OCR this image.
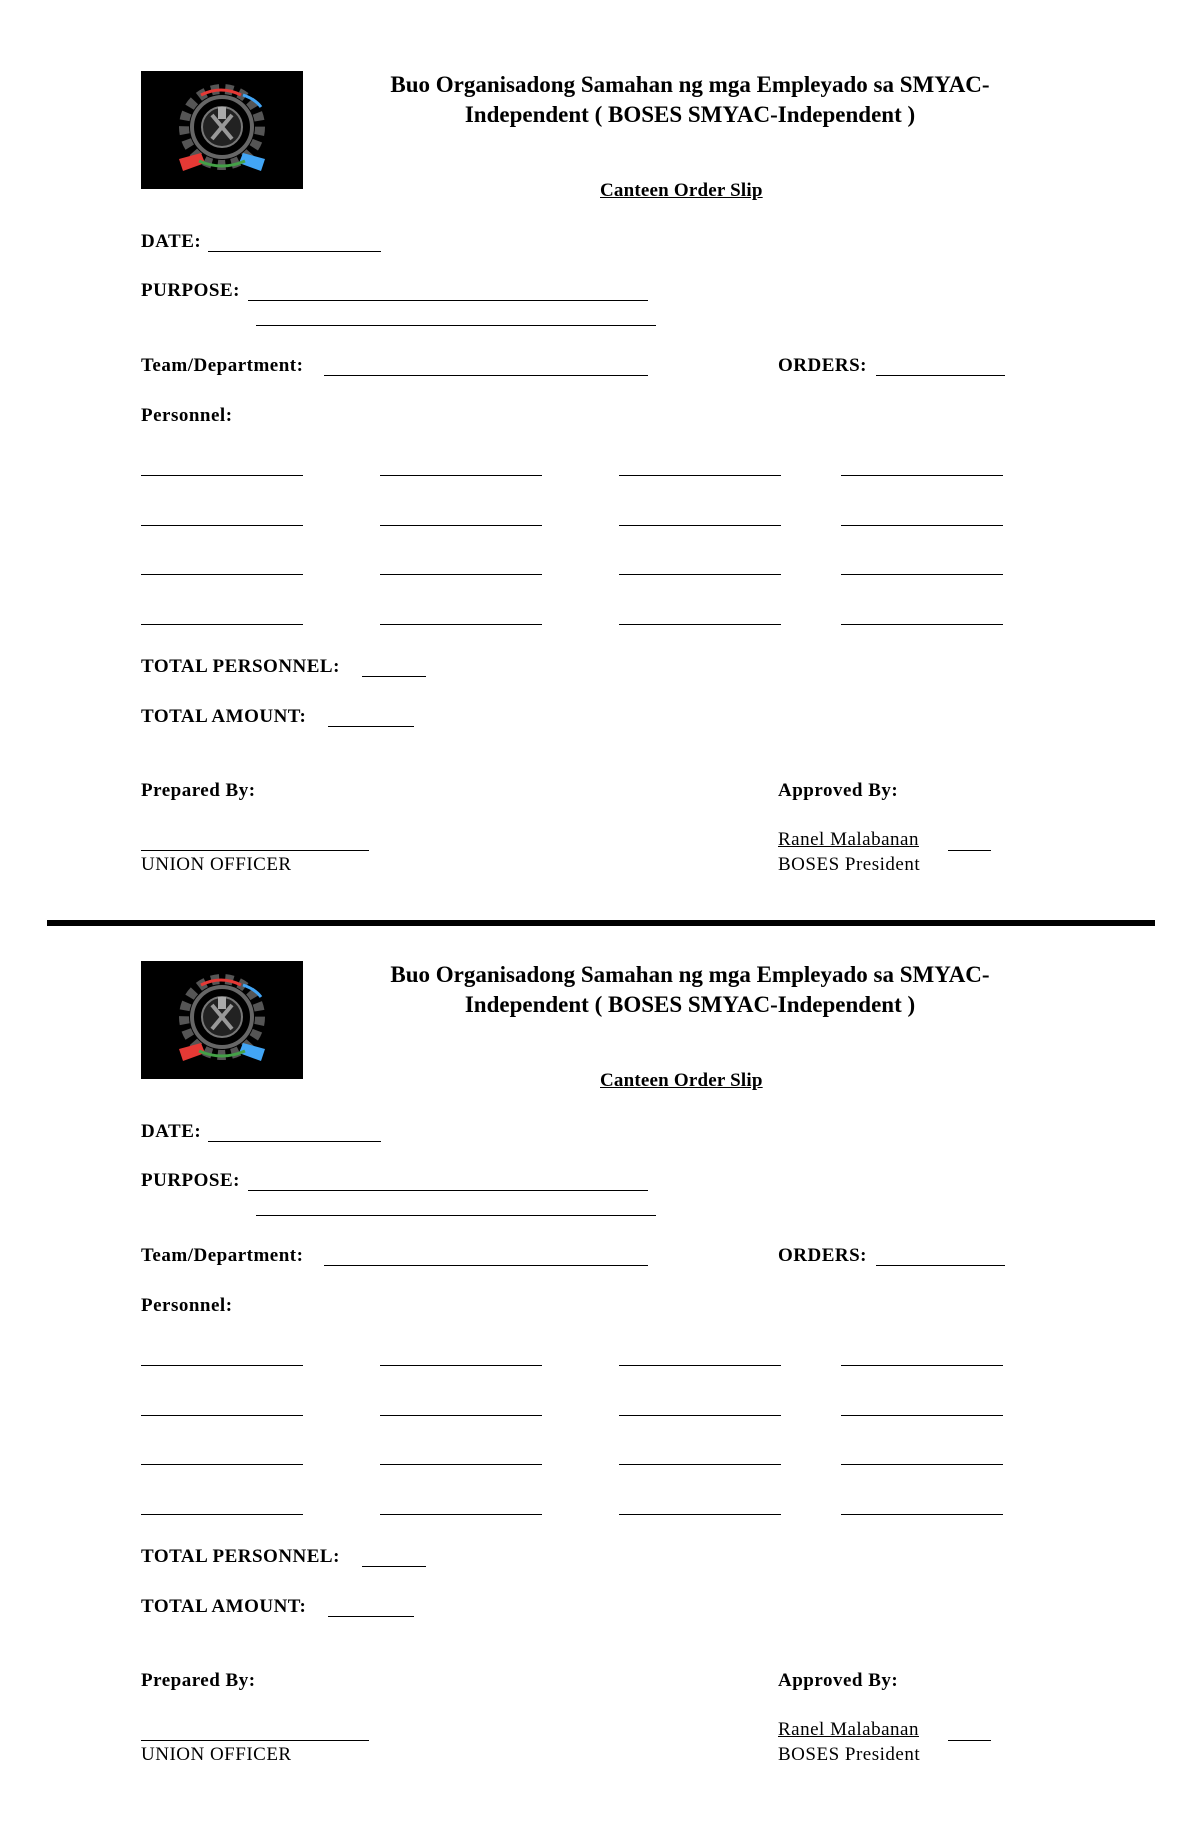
Buo Organisadong Samahan ng mga Empleyado sa SMYAC-
Independent ( BOSES SMYAC-Independent )
Canteen Order Slip
DATE:
PURPOSE:
Team/Department:	ORDERS:
Personnel:
TOTAL PERSONNEL:
TOTAL AMOUNT:
Prepared By:
UNION OFFICER
Approved By:
Ranel Malabanan
BOSES President
Buo Organisadong Samahan ng mga Empleyado sa SMYAC-
Independent ( BOSES SMYAC-Independent )
Canteen Order Slip
DATE:
PURPOSE:
Team/Department:	ORDERS:
Personnel:
TOTAL PERSONNEL:
TOTAL AMOUNT:
Prepared By:
UNION OFFICER
Approved By:
Ranel Malabanan
BOSES President
